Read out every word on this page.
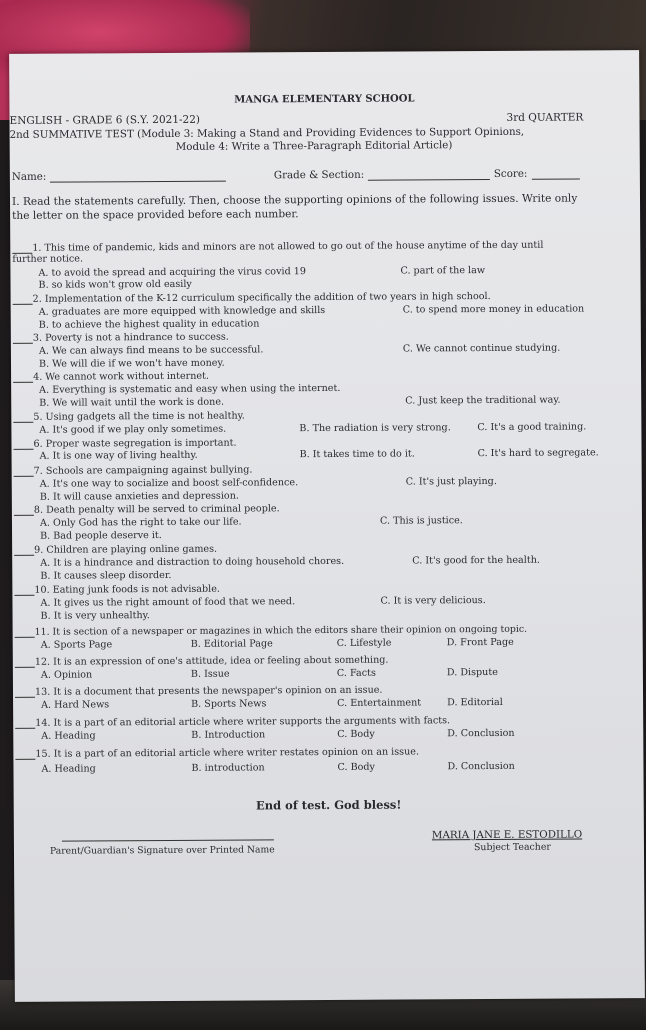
MANGA ELEMENTARY SCHOOL
ENGLISH - GRADE 6 (S.Y. 2021-22)	3rd QUARTER
2nd SUMMATIVE TEST (Module 3: Making a Stand and Providing Evidences to Support Opinions,
Module 4: Write a Three-Paragraph Editorial Article)
Name:	Grade & Section:	Score:
I. Read the statements carefully. Then, choose the supporting opinions of the following issues. Write only
the letter on the space provided before each number.
1. This time of pandemic, kids and minors are not allowed to go out of the house anytime of the day until
further notice.
A. to avoid the spread and acquiring the virus covid 19	C. part of the law
B. so kids won't grow old easily
2. Implementation of the K-12 curriculum specifically the addition of two years in high school.
A. graduates are more equipped with knowledge and skills	C. to spend more money in education
B. to achieve the highest quality in education
3. Poverty is not a hindrance to success.
A. We can always find means to be successful.	C. We cannot continue studying.
B. We will die if we won't have money.
4. We cannot work without internet.
A. Everything is systematic and easy when using the internet.
B. We will wait until the work is done.	C. Just keep the traditional way.
5. Using gadgets all the time is not healthy.
A. It's good if we play only sometimes.	B. The radiation is very strong.	C. It's a good training.
6. Proper waste segregation is important.
A. It is one way of living healthy.	B. It takes time to do it.	C. It's hard to segregate.
7. Schools are campaigning against bullying.
A. It's one way to socialize and boost self-confidence.	C. It's just playing.
B. It will cause anxieties and depression.
8. Death penalty will be served to criminal people.
A. Only God has the right to take our life.	C. This is justice.
B. Bad people deserve it.
9. Children are playing online games.
A. It is a hindrance and distraction to doing household chores.	C. It's good for the health.
B. It causes sleep disorder.
10. Eating junk foods is not advisable.
A. It gives us the right amount of food that we need.	C. It is very delicious.
B. It is very unhealthy.
11. It is section of a newspaper or magazines in which the editors share their opinion on ongoing topic.
A. Sports Page	B. Editorial Page	C. Lifestyle	D. Front Page
12. It is an expression of one's attitude, idea or feeling about something.
A. Opinion	B. Issue	C. Facts	D. Dispute
13. It is a document that presents the newspaper's opinion on an issue.
A. Hard News	B. Sports News	C. Entertainment	D. Editorial
14. It is a part of an editorial article where writer supports the arguments with facts.
A. Heading	B. Introduction	C. Body	D. Conclusion
15. It is a part of an editorial article where writer restates opinion on an issue.
A. Heading	B. introduction	C. Body	D. Conclusion
End of test. God bless!
Parent/Guardian's Signature over Printed Name
MARIA JANE E. ESTODILLO
Subject Teacher
